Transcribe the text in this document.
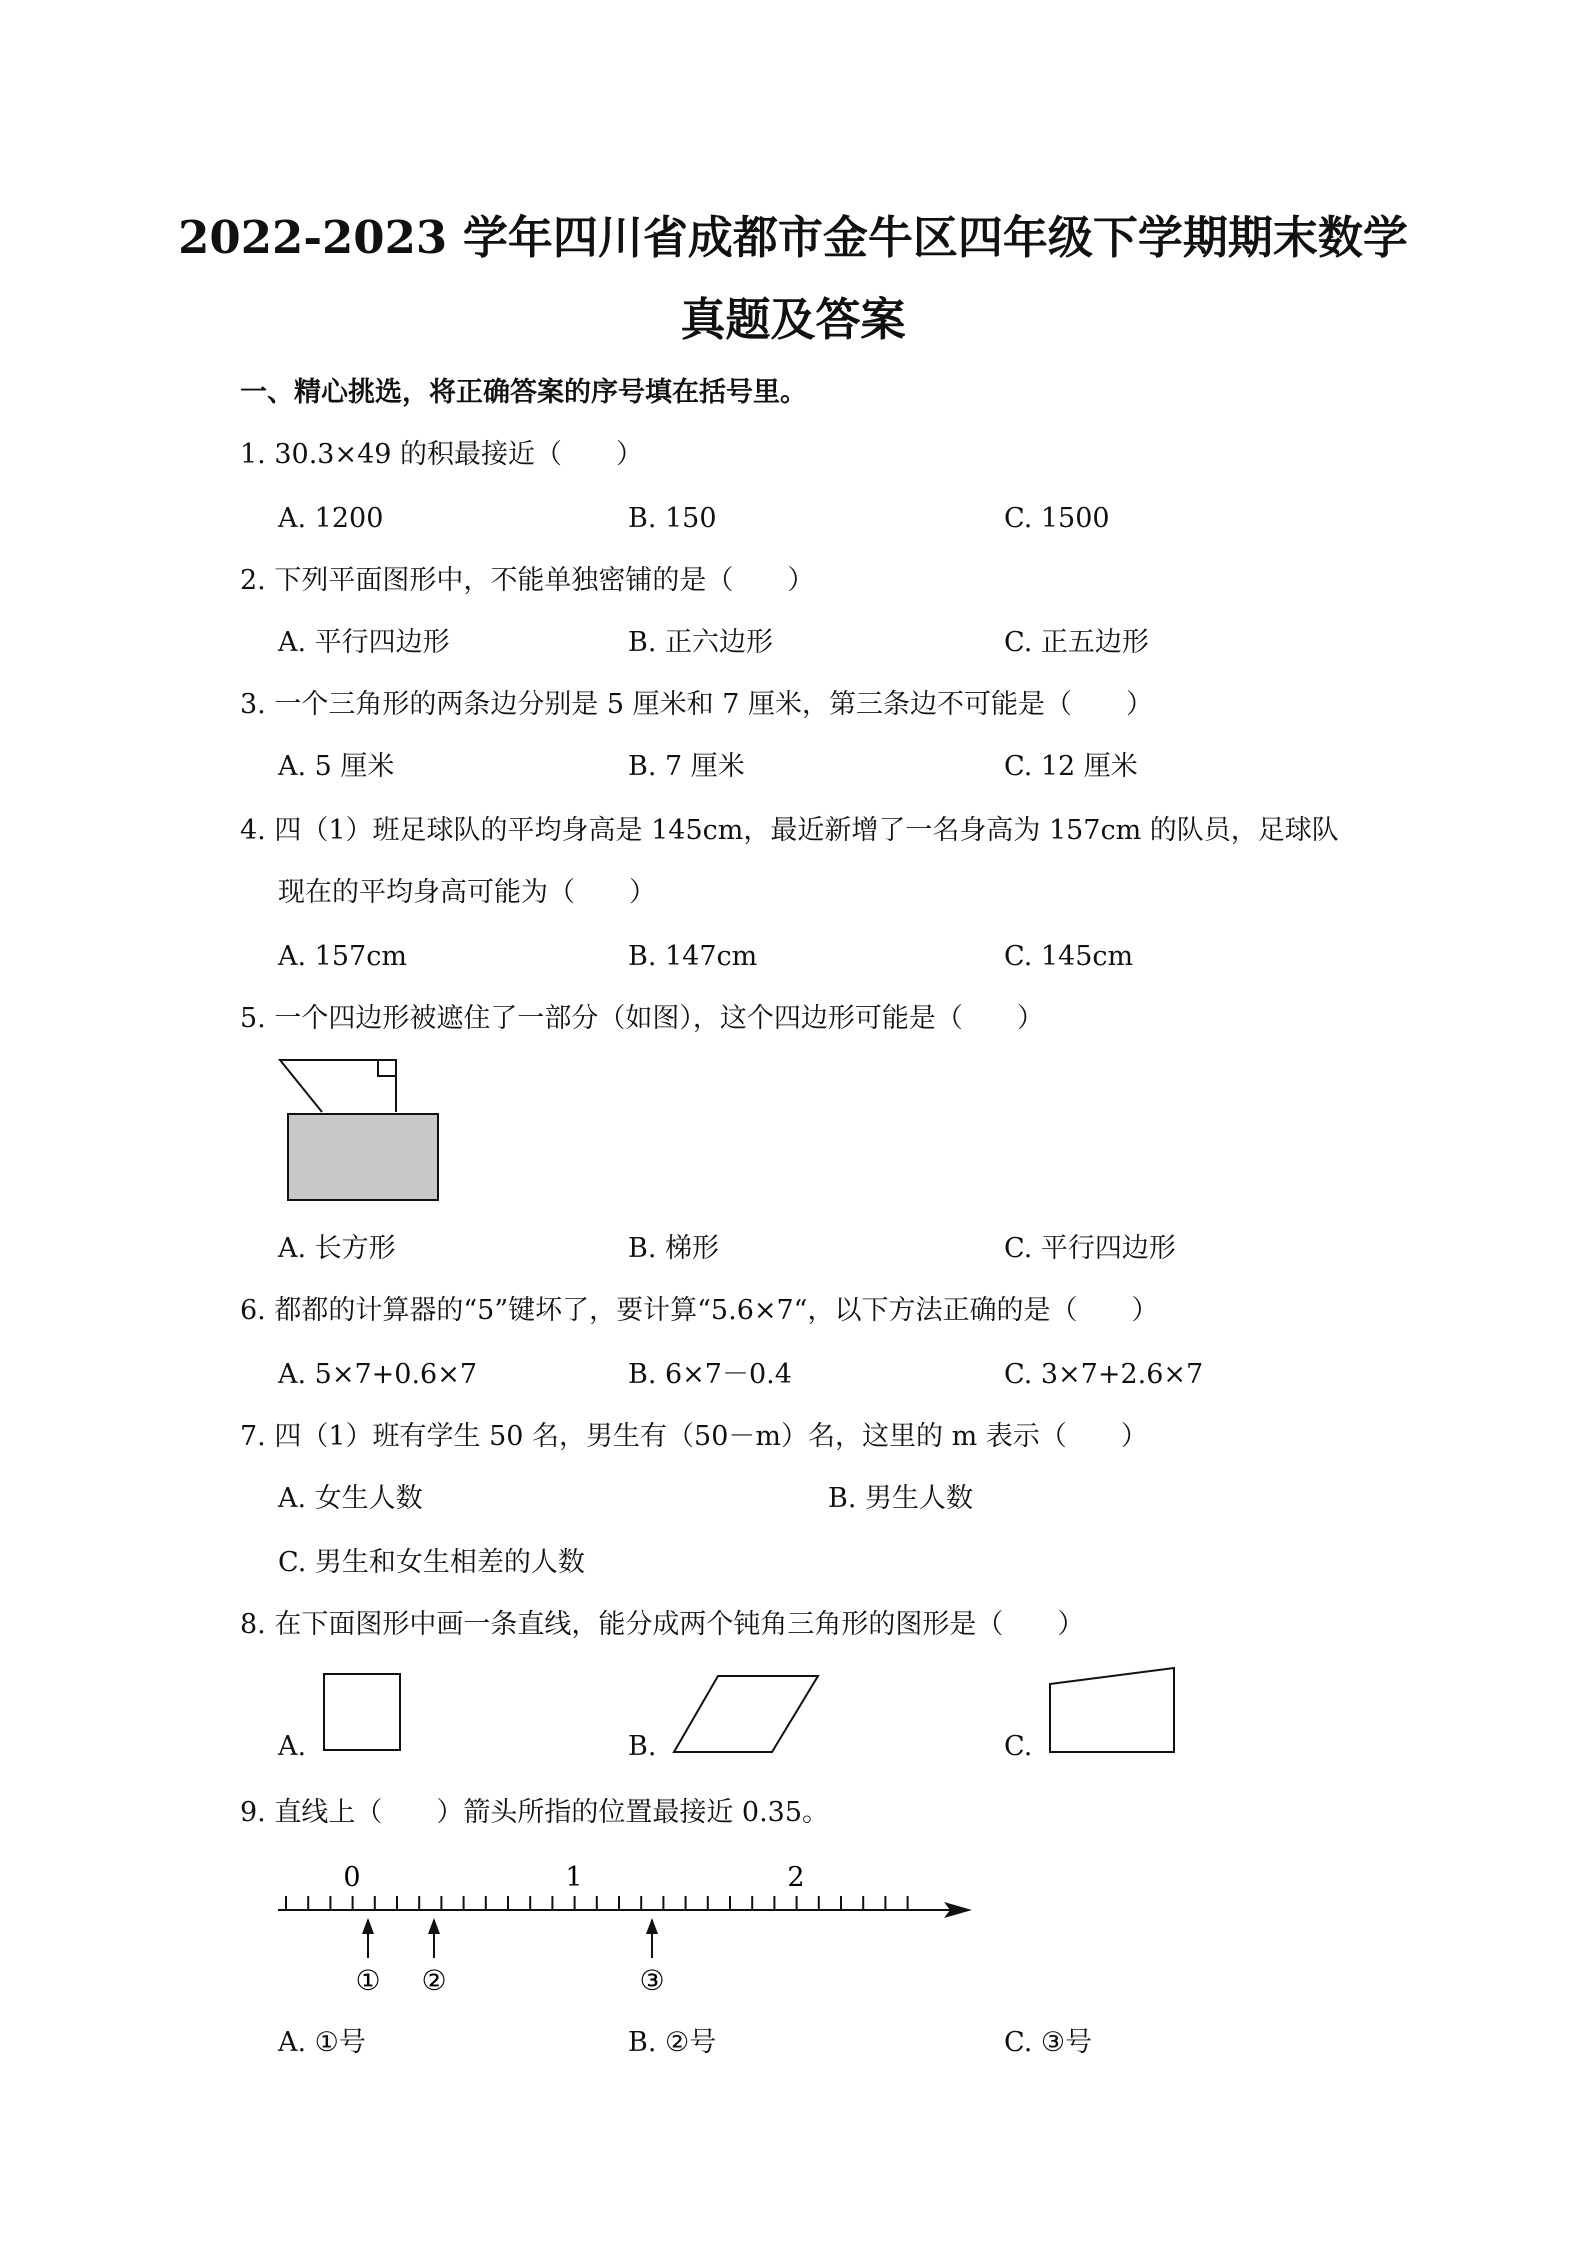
2022-2023 学年四川省成都市金牛区四年级下学期期末数学
真题及答案
一、精心挑选，将正确答案的序号填在括号里。
1. 30.3×49 的积最接近（　　）
A. 1200	B. 150	C. 1500
2. 下列平面图形中，不能单独密铺的是（　　）
A. 平行四边形	B. 正六边形	C. 正五边形
3. 一个三角形的两条边分别是 5 厘米和 7 厘米，第三条边不可能是（　　）
A. 5 厘米	B. 7 厘米	C. 12 厘米
4. 四（1）班足球队的平均身高是 145cm，最近新增了一名身高为 157cm 的队员，足球队
现在的平均身高可能为（　　）
A. 157cm	B. 147cm	C. 145cm
5. 一个四边形被遮住了一部分（如图），这个四边形可能是（　　）
A. 长方形	B. 梯形	C. 平行四边形
6. 都都的计算器的“5”键坏了，要计算“5.6×7“，以下方法正确的是（　　）
A. 5×7+0.6×7	B. 6×7－0.4	C. 3×7+2.6×7
7. 四（1）班有学生 50 名，男生有（50－m）名，这里的 m 表示（　　）
A. 女生人数	B. 男生人数
C. 男生和女生相差的人数
8. 在下面图形中画一条直线，能分成两个钝角三角形的图形是（　　）
A.	B.	C.
9. 直线上（　　）箭头所指的位置最接近 0.35。
0	1	2
① ②	③
A. ①号	B. ②号	C. ③号
